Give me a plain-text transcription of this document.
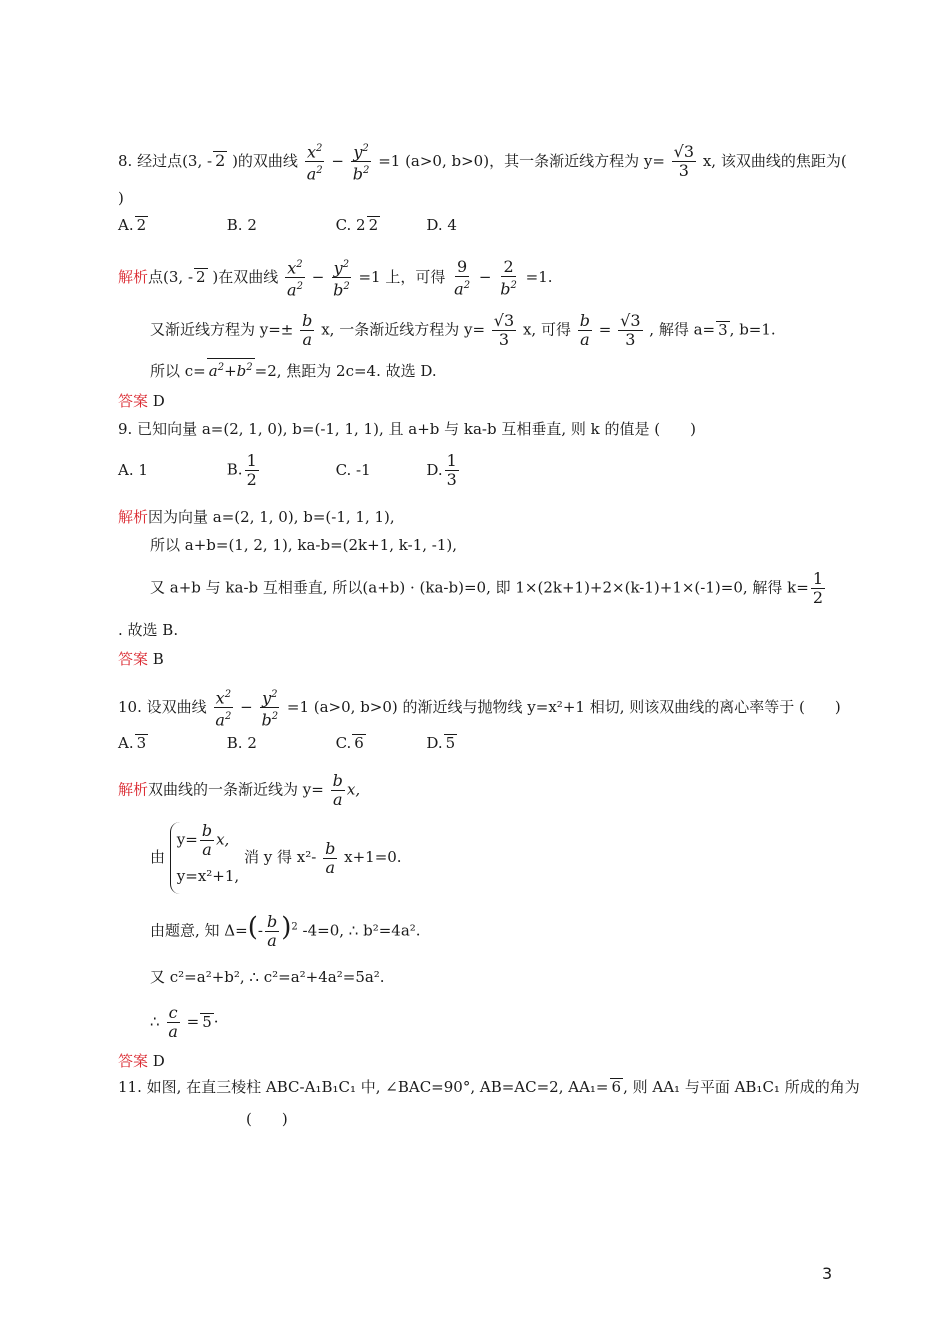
8. 经过点(3, - 2 )的双曲线 $\frac{x^2}{a^2} - \frac{y^2}{b^2} =1$ (a>0, b>0)，其一条渐近线方程为 $y= \frac{√3}{3} x$, 该双曲线的焦距为(
)
A. 2	B. 2	C. 2 2	D. 4
解析点(3, - 2 )在双曲线 $\frac{x^2}{a^2} - \frac{y^2}{b^2} =1$ 上，可得 $\frac{9}{a^2} - \frac{2}{b^2} =1$.
又渐近线方程为 $y=\pm \frac{b}{a} x$, 一条渐近线方程为 $y= \frac{√3}{3} x$, 可得 $\frac{b}{a} = \frac{√3}{3}$ , 解得 a= 3 , b=1.
所以 $c= a^2+b^2 =2$, 焦距为 2c=4. 故选 D.
答案 D
9. 已知向量 a=(2, 1, 0), b=(-1, 1, 1), 且 a+b 与 ka-b 互相垂直, 则 k 的值是 (　　)
A. 1	B. $\frac{1}{2}$	C. -1	D. $\frac{1}{3}$
解析因为向量 a=(2, 1, 0), b=(-1, 1, 1),
所以 a+b=(1, 2, 1), ka-b=(2k+1, k-1, -1),
又 a+b 与 ka-b 互相垂直, 所以(a+b) · (ka-b)=0, 即 1×(2k+1)+2×(k-1)+1×(-1)=0, 解得 $k= \frac{1}{2}$
. 故选 B.
答案 B
10. 设双曲线 $\frac{x^2}{a^2} - \frac{y^2}{b^2} =1$ (a>0, b>0) 的渐近线与抛物线 y=x²+1 相切, 则该双曲线的离心率等于 (　　)
A. 3	B. 2	C. 6	D. 5
解析双曲线的一条渐近线为 $y= \frac{b}{a} x$,
由
$y= \frac{b}{a} x$,
y=x²+1,
消 y 得 $x^2- \frac{b}{a} x+1=0$.
由题意, 知 $\Delta=(- \frac{b}{a} )^2$ -4=0, ∴ b²=4a².
又 c²=a²+b², ∴ c²=a²+4a²=5a².
∴ $\frac{c}{a} = 5$ ·
答案 D
11. 如图, 在直三棱柱 ABC-A₁B₁C₁ 中, ∠BAC=90°, AB=AC=2, AA₁= 6 , 则 AA₁ 与平面 AB₁C₁ 所成的角为
(　　)
3
